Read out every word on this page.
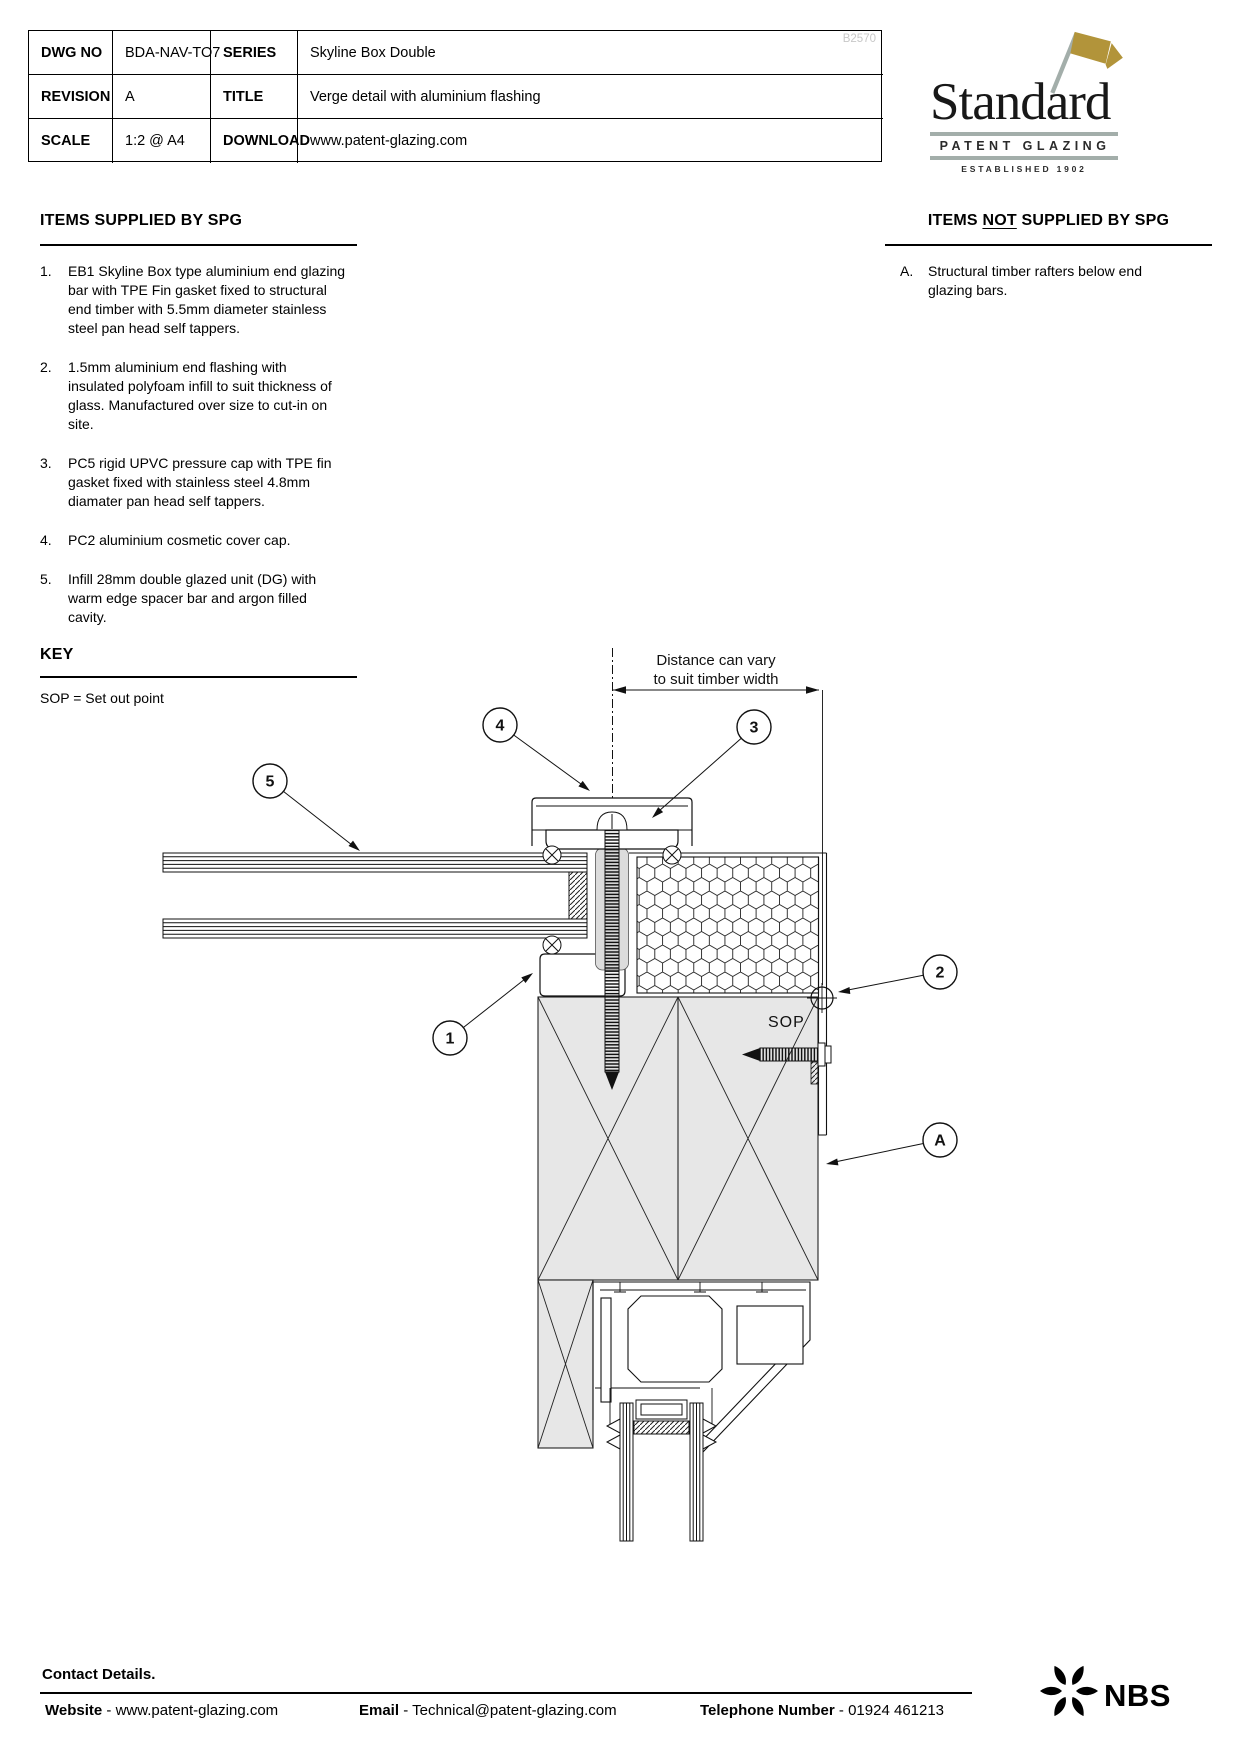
DWG NO	BDA-NAV-TO7 SERIES	Skyline Box Double
REVISION	A	TITLE	Verge detail with aluminium flashing
SCALE	1:2 @ A4	DOWNLOAD www.patent-glazing.com
B2570
Standard
PATENT GLAZING
ESTABLISHED 1902
ITEMS SUPPLIED BY SPG
1.	EB1 Skyline Box type aluminium end glazing bar with TPE Fin gasket fixed to structural end timber with 5.5mm diameter stainless steel pan head self tappers.
2.	1.5mm aluminium end flashing with insulated polyfoam infill to suit thickness of glass. Manufactured over size to cut-in on site.
3.	PC5 rigid UPVC pressure cap with TPE fin gasket fixed with stainless steel 4.8mm diamater pan head self tappers.
4.	PC2 aluminium cosmetic cover cap.
5.	Infill 28mm double glazed unit (DG) with warm edge spacer bar and argon filled cavity.
ITEMS NOT SUPPLIED BY SPG
A.	Structural timber rafters below end glazing bars.
KEY
SOP = Set out point
Distance can vary
to suit timber width
SOP
5
4	3
1
2
A
Contact Details.
Website - www.patent-glazing.com	Email - Technical@patent-glazing.com	Telephone Number - 01924 461213	NBS
